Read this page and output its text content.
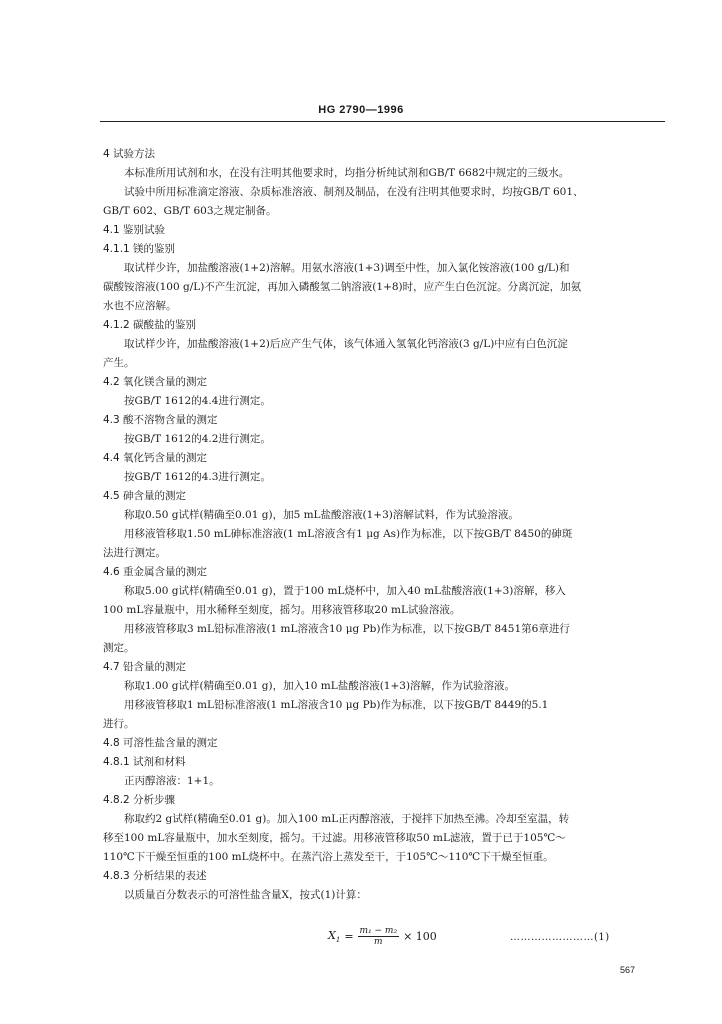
HG 2790—1996
4 试验方法
本标准所用试剂和水，在没有注明其他要求时，均指分析纯试剂和GB/T 6682中规定的三级水。
试验中所用标准滴定溶液、杂质标准溶液、制剂及制品，在没有注明其他要求时，均按GB/T 601、
GB/T 602、GB/T 603之规定制备。
4.1 鉴别试验
4.1.1 镁的鉴别
取试样少许，加盐酸溶液(1+2)溶解。用氨水溶液(1+3)调至中性，加入氯化铵溶液(100 g/L)和
碳酸铵溶液(100 g/L)不产生沉淀，再加入磷酸氢二钠溶液(1+8)时，应产生白色沉淀。分离沉淀，加氨
水也不应溶解。
4.1.2 碳酸盐的鉴别
取试样少许，加盐酸溶液(1+2)后应产生气体，该气体通入氢氧化钙溶液(3 g/L)中应有白色沉淀
产生。
4.2 氧化镁含量的测定
按GB/T 1612的4.4进行测定。
4.3 酸不溶物含量的测定
按GB/T 1612的4.2进行测定。
4.4 氧化钙含量的测定
按GB/T 1612的4.3进行测定。
4.5 砷含量的测定
称取0.50 g试样(精确至0.01 g)，加5 mL盐酸溶液(1+3)溶解试料，作为试验溶液。
用移液管移取1.50 mL砷标准溶液(1 mL溶液含有1 μg As)作为标准，以下按GB/T 8450的砷斑
法进行测定。
4.6 重金属含量的测定
称取5.00 g试样(精确至0.01 g)，置于100 mL烧杯中，加入40 mL盐酸溶液(1+3)溶解，移入
100 mL容量瓶中，用水稀释至刻度，摇匀。用移液管移取20 mL试验溶液。
用移液管移取3 mL铅标准溶液(1 mL溶液含10 μg Pb)作为标准，以下按GB/T 8451第6章进行
测定。
4.7 铅含量的测定
称取1.00 g试样(精确至0.01 g)，加入10 mL盐酸溶液(1+3)溶解，作为试验溶液。
用移液管移取1 mL铅标准溶液(1 mL溶液含10 μg Pb)作为标准，以下按GB/T 8449的5.1
进行。
4.8 可溶性盐含量的测定
4.8.1 试剂和材料
正丙醇溶液：1+1。
4.8.2 分析步骤
称取约2 g试样(精确至0.01 g)。加入100 mL正丙醇溶液，于搅拌下加热至沸。冷却至室温，转
移至100 mL容量瓶中，加水至刻度，摇匀。干过滤。用移液管移取50 mL滤液，置于已于105℃～
110℃下干燥至恒重的100 mL烧杯中。在蒸汽浴上蒸发至干，于105℃～110℃下干燥至恒重。
4.8.3 分析结果的表述
以质量百分数表示的可溶性盐含量X，按式(1)计算：
$X_1 = \frac{\text{m₁ − m₂}}{m} \times 100$	……………………(1)
567
